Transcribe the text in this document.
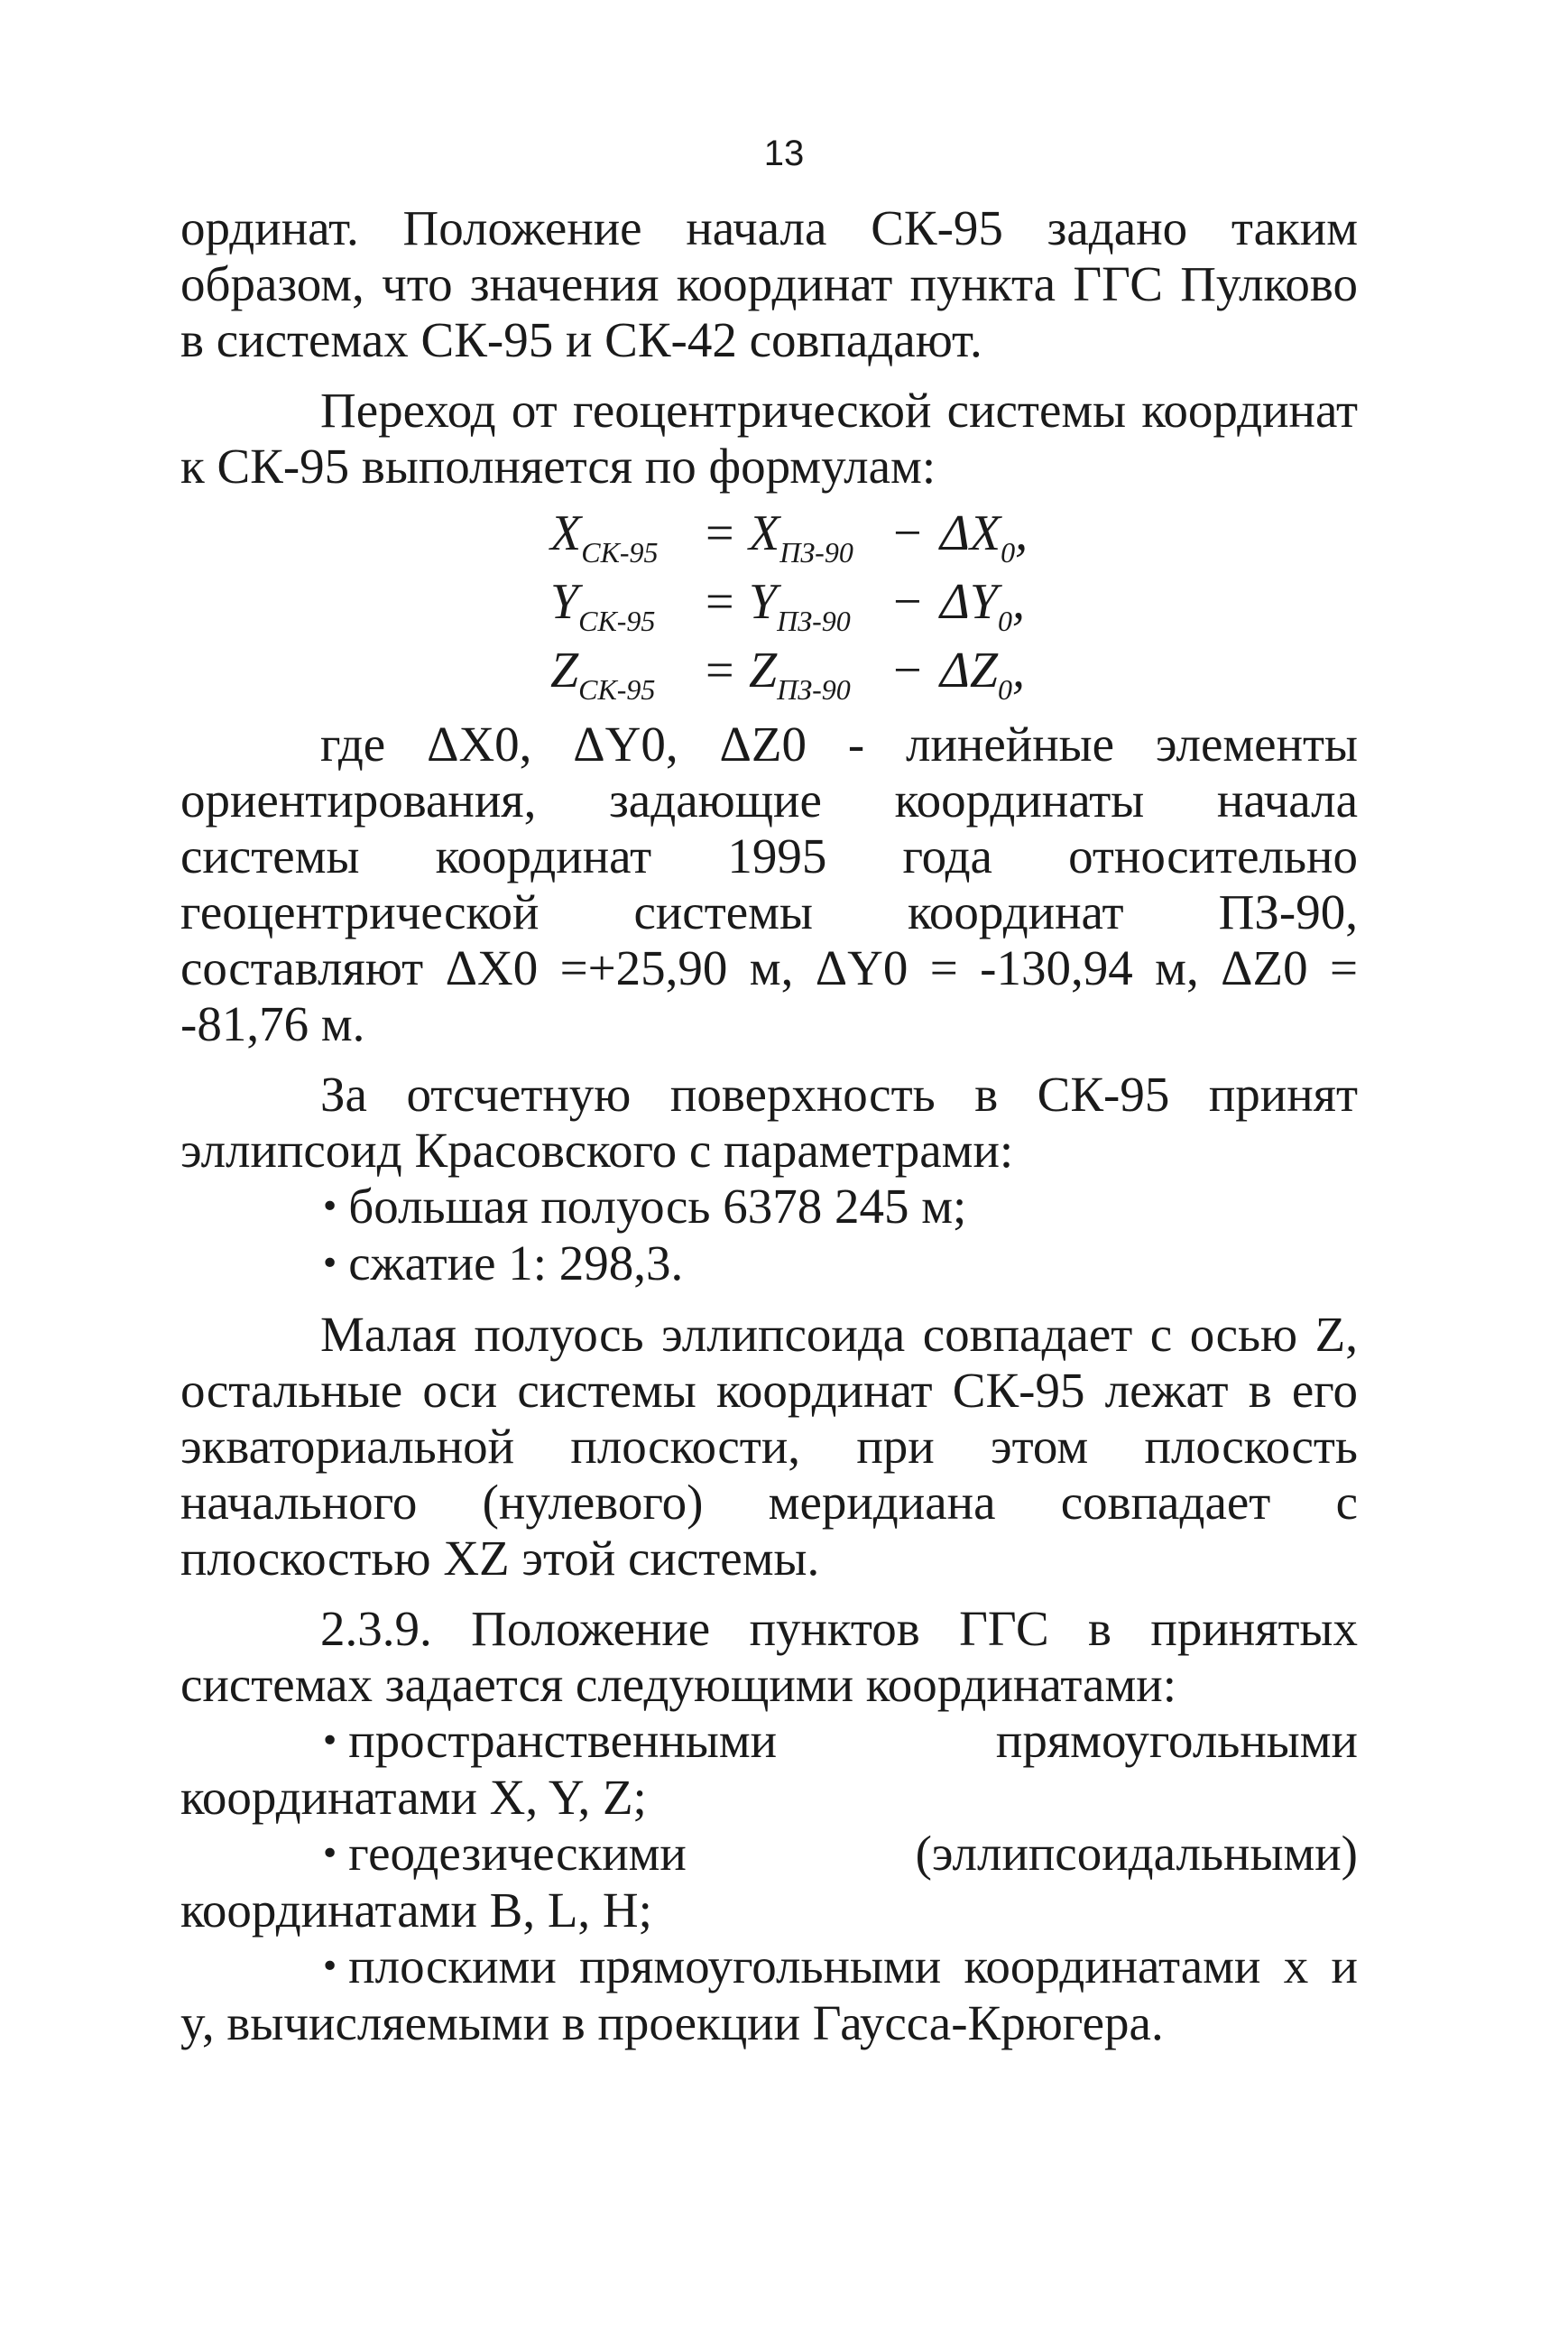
13

ординат. Положение начала СК-95 задано таким образом, что значения координат пункта ГГС Пулково в системах СК-95 и СК-42 совпадают.

Переход от геоцентрической системы координат к СК-95 выполняется по формулам:

$X_{СК-95} = X_{ПЗ-90} - \Delta X_0$,
$Y_{СК-95} = Y_{ПЗ-90} - \Delta Y_0$,
$Z_{СК-95} = Z_{ПЗ-90} - \Delta Z_0$,

где ΔX0, ΔY0, ΔZ0 - линейные элементы ориентирования, задающие координаты начала системы координат 1995 года относительно геоцентрической системы координат ПЗ-90, составляют ΔX0 =+25,90 м, ΔY0 = -130,94 м, ΔZ0 = -81,76 м.

За отсчетную поверхность в СК-95 принят эллипсоид Красовского с параметрами:

• большая полуось 6378 245 м;

• сжатие 1: 298,3.

Малая полуось эллипсоида совпадает с осью Z, остальные оси системы координат СК-95 лежат в его экваториальной плоскости, при этом плоскость начального (нулевого) меридиана совпадает с плоскостью XZ этой системы.

2.3.9. Положение пунктов ГГС в принятых системах задается следующими координатами:

• пространственными прямоугольными координатами X, Y, Z;

• геодезическими (эллипсоидальными) координатами B, L, H;

• плоскими прямоугольными координатами x и y, вычисляемыми в проекции Гаусса-Крюгера.
